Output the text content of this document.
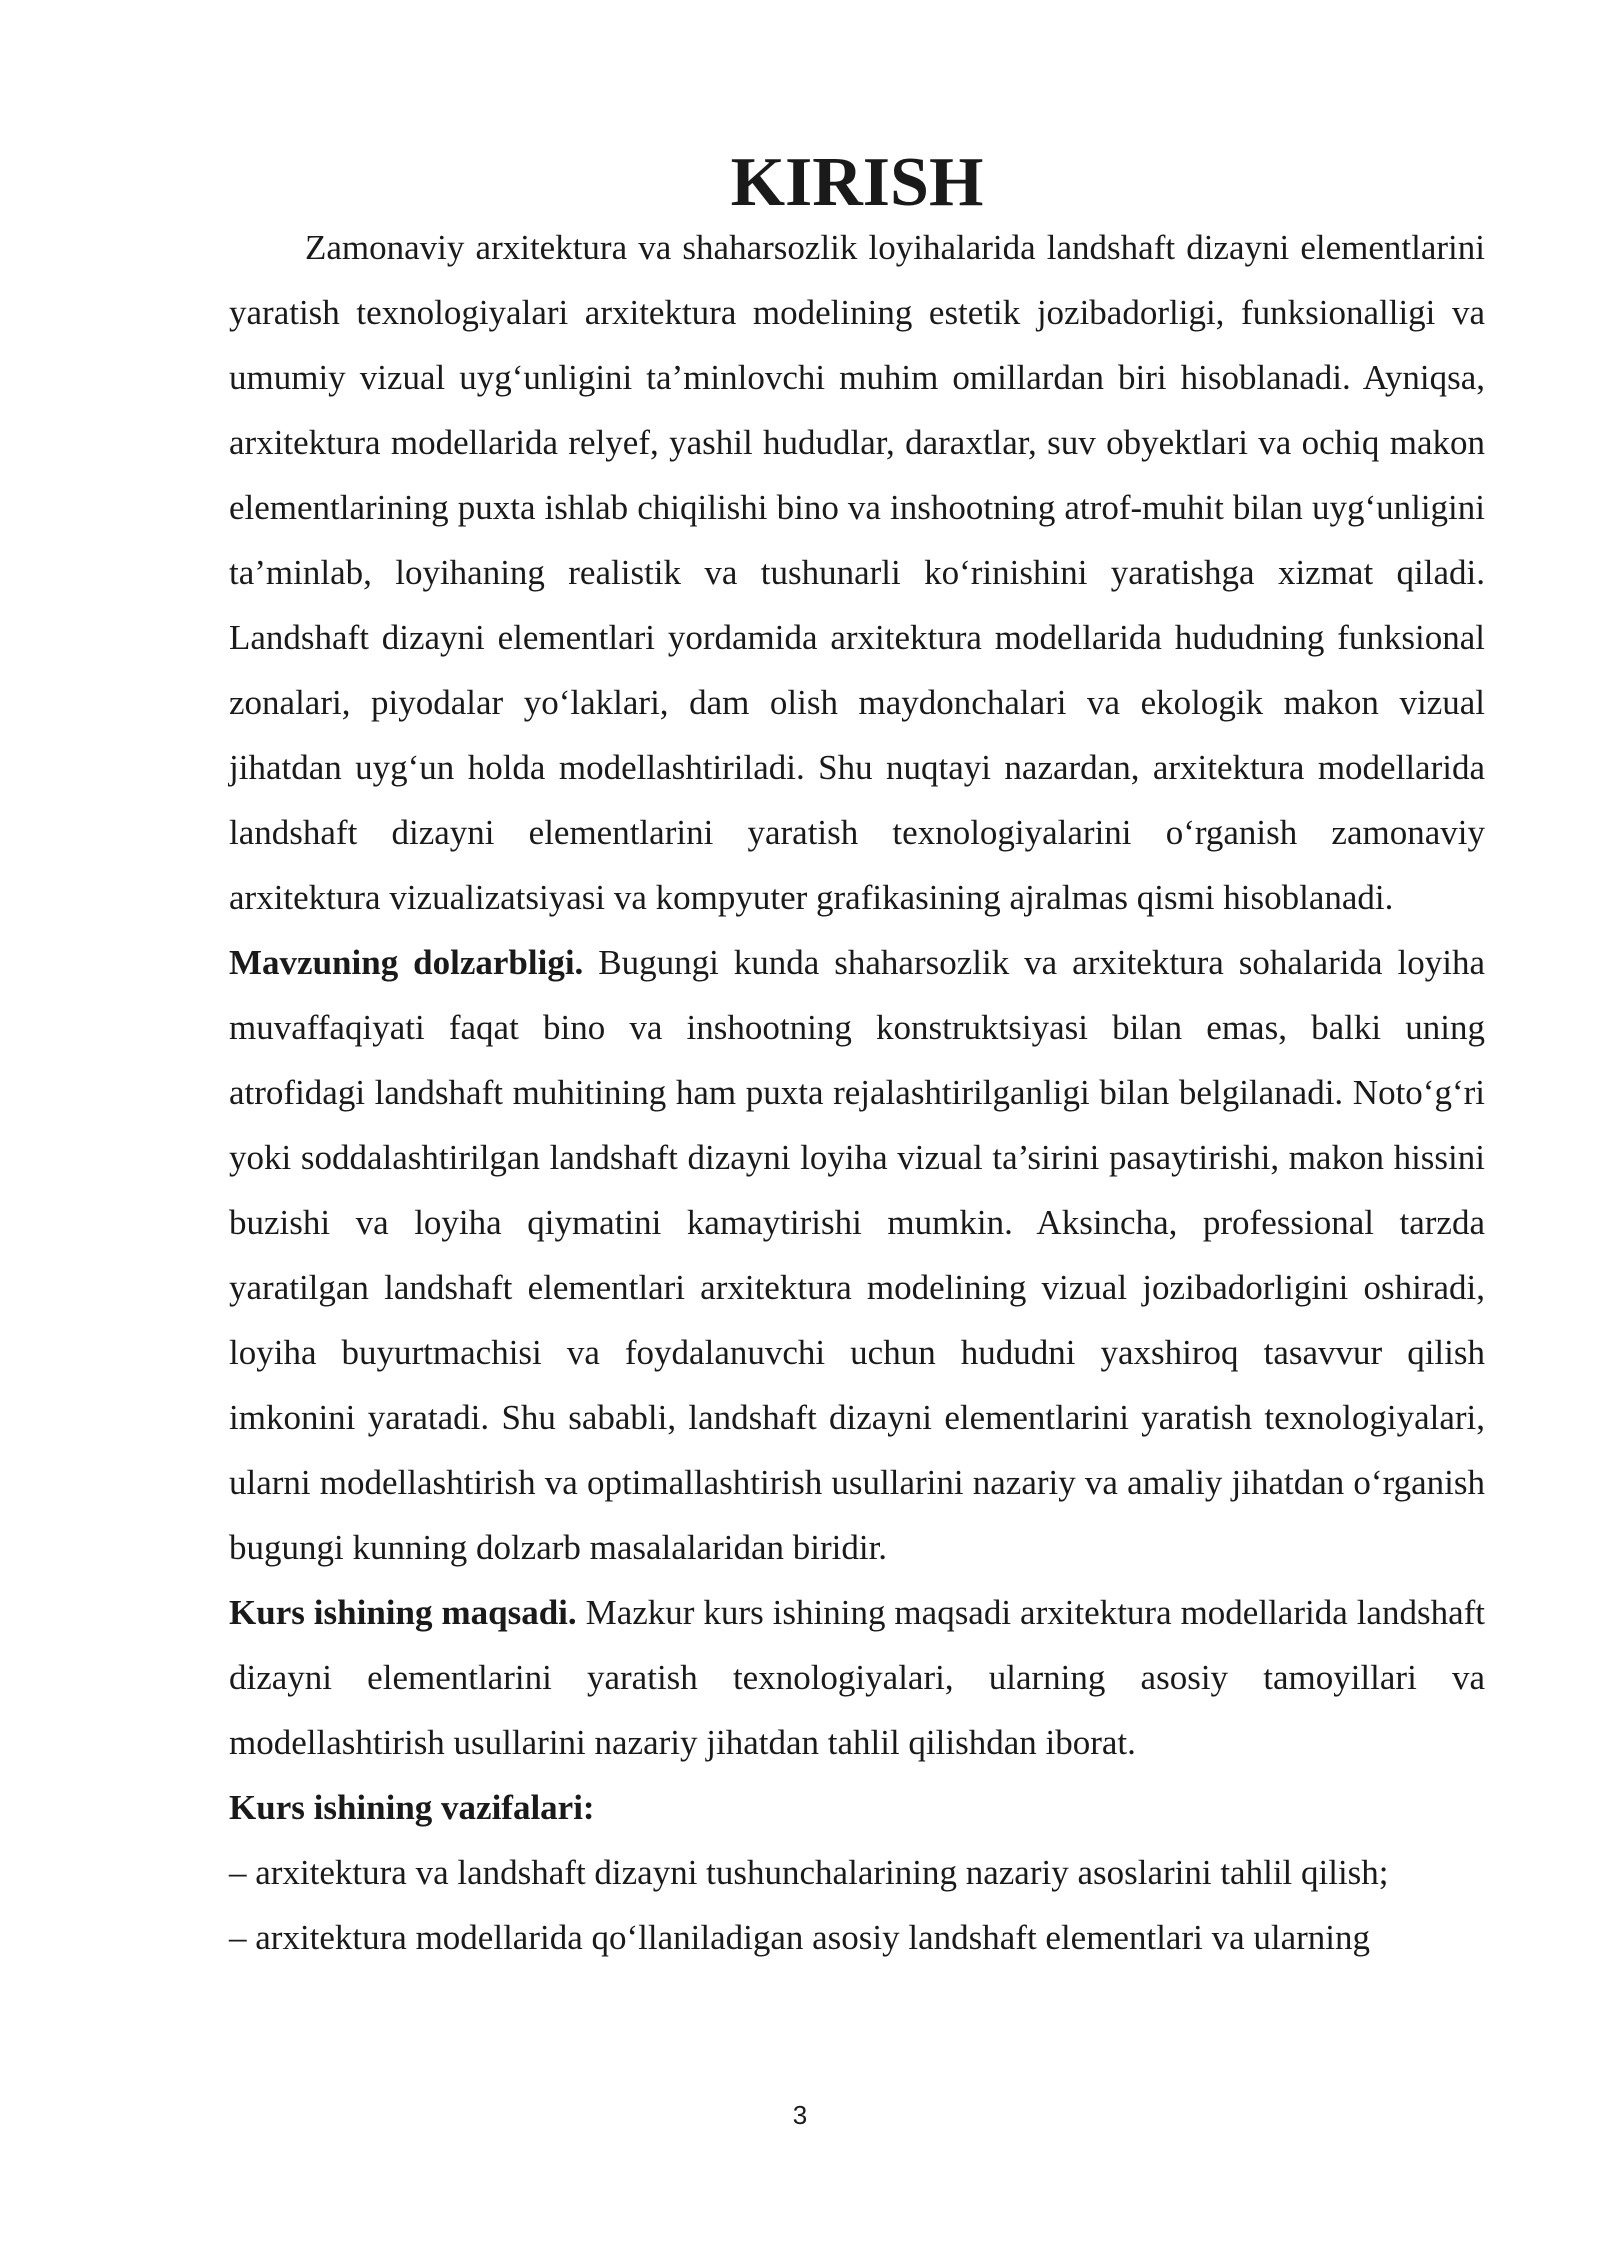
KIRISH

Zamonaviy arxitektura va shaharsozlik loyihalarida landshaft dizayni elementlarini yaratish texnologiyalari arxitektura modelining estetik jozibadorligi, funksionalligi va umumiy vizual uyg‘unligini ta’minlovchi muhim omillardan biri hisoblanadi. Ayniqsa, arxitektura modellarida relyef, yashil hududlar, daraxtlar, suv obyektlari va ochiq makon elementlarining puxta ishlab chiqilishi bino va inshootning atrof-muhit bilan uyg‘unligini ta’minlab, loyihaning realistik va tushunarli ko‘rinishini yaratishga xizmat qiladi. Landshaft dizayni elementlari yordamida arxitektura modellarida hududning funksional zonalari, piyodalar yo‘laklari, dam olish maydonchalari va ekologik makon vizual jihatdan uyg‘un holda modellashtiriladi. Shu nuqtayi nazardan, arxitektura modellarida landshaft dizayni elementlarini yaratish texnologiyalarini o‘rganish zamonaviy arxitektura vizualizatsiyasi va kompyuter grafikasining ajralmas qismi hisoblanadi.

Mavzuning dolzarbligi. Bugungi kunda shaharsozlik va arxitektura sohalarida loyiha muvaffaqiyati faqat bino va inshootning konstruktsiyasi bilan emas, balki uning atrofidagi landshaft muhitining ham puxta rejalashtirilganligi bilan belgilanadi. Noto‘g‘ri yoki soddalashtirilgan landshaft dizayni loyiha vizual ta’sirini pasaytirishi, makon hissini buzishi va loyiha qiymatini kamaytirishi mumkin. Aksincha, professional tarzda yaratilgan landshaft elementlari arxitektura modelining vizual jozibadorligini oshiradi, loyiha buyurtmachisi va foydalanuvchi uchun hududni yaxshiroq tasavvur qilish imkonini yaratadi. Shu sababli, landshaft dizayni elementlarini yaratish texnologiyalari, ularni modellashtirish va optimallashtirish usullarini nazariy va amaliy jihatdan o‘rganish bugungi kunning dolzarb masalalaridan biridir.

Kurs ishining maqsadi. Mazkur kurs ishining maqsadi arxitektura modellarida landshaft dizayni elementlarini yaratish texnologiyalari, ularning asosiy tamoyillari va modellashtirish usullarini nazariy jihatdan tahlil qilishdan iborat.

Kurs ishining vazifalari:
– arxitektura va landshaft dizayni tushunchalarining nazariy asoslarini tahlil qilish;
– arxitektura modellarida qo‘llaniladigan asosiy landshaft elementlari va ularning
3
